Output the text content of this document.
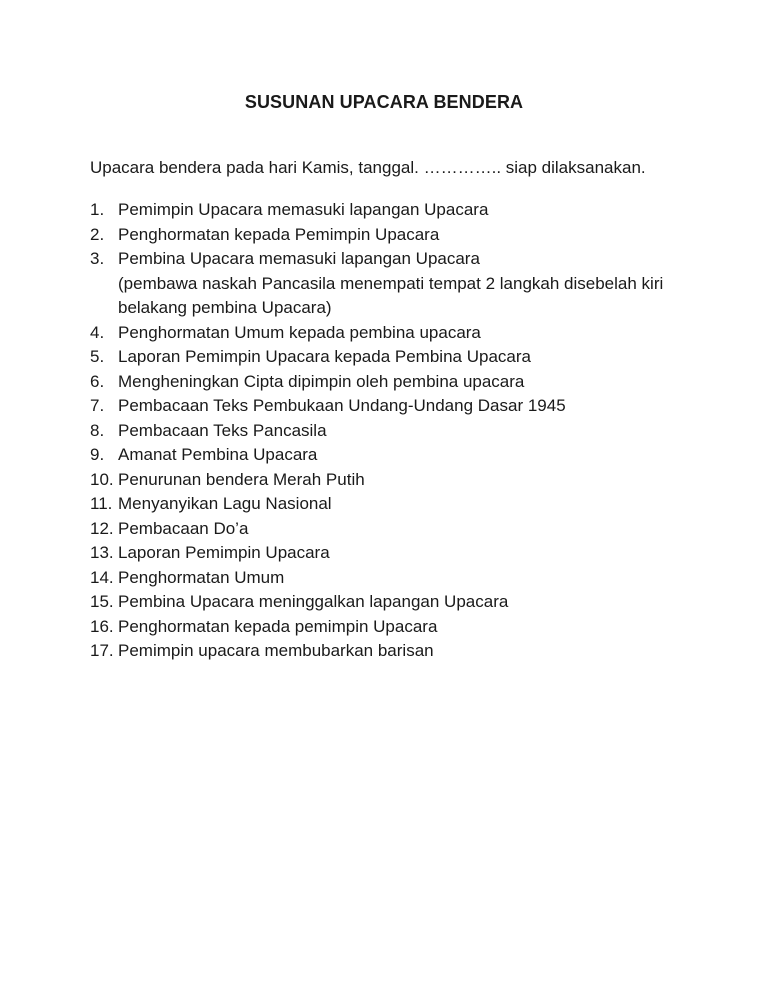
SUSUNAN UPACARA BENDERA
Upacara bendera pada hari Kamis, tanggal. ………….. siap dilaksanakan.
1. Pemimpin Upacara memasuki lapangan Upacara
2. Penghormatan kepada Pemimpin Upacara
3. Pembina Upacara memasuki lapangan Upacara
(pembawa naskah Pancasila menempati tempat 2 langkah disebelah kiri belakang pembina Upacara)
4. Penghormatan Umum kepada pembina upacara
5. Laporan Pemimpin Upacara kepada Pembina Upacara
6. Mengheningkan Cipta dipimpin oleh pembina upacara
7. Pembacaan Teks Pembukaan Undang-Undang Dasar 1945
8. Pembacaan Teks Pancasila
9. Amanat Pembina Upacara
10. Penurunan bendera Merah Putih
11. Menyanyikan Lagu Nasional
12. Pembacaan Do’a
13. Laporan Pemimpin Upacara
14. Penghormatan Umum
15. Pembina Upacara meninggalkan lapangan Upacara
16. Penghormatan kepada pemimpin Upacara
17. Pemimpin upacara membubarkan barisan
